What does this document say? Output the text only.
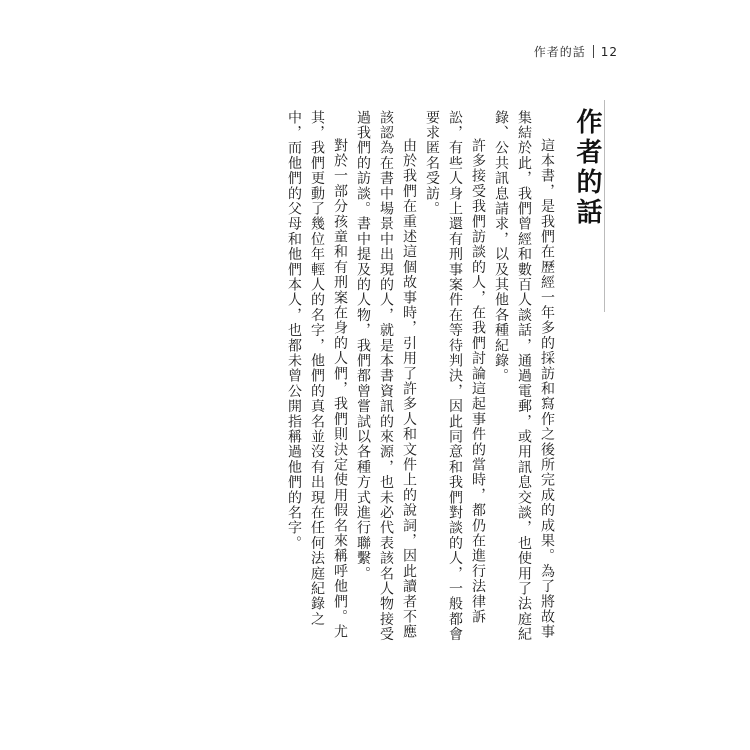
作者的話 12
作者的話

這本書，是我們在歷經一年多的採訪和寫作之後所完成的成果。為了將故事集結於此，我們曾經和數百人談話，通過電郵，或用訊息交談，也使用了法庭紀錄、公共訊息請求，以及其他各種紀錄。

許多接受我們訪談的人，在我們討論這起事件的當時，都仍在進行法律訴訟，有些人身上還有刑事案件在等待判決，因此同意和我們對談的人，一般都會要求匿名受訪。

由於我們在重述這個故事時，引用了許多人和文件上的說詞，因此讀者不應該認為在書中場景中出現的人，就是本書資訊的來源，也未必代表該名人物接受過我們的訪談。書中提及的人物，我們都曾嘗試以各種方式進行聯繫。

對於一部分孩童和有刑案在身的人們，我們則決定使用假名來稱呼他們。尤其，我們更動了幾位年輕人的名字，他們的真名並沒有出現在任何法庭紀錄之中，而他們的父母和他們本人，也都未曾公開指稱過他們的名字。
